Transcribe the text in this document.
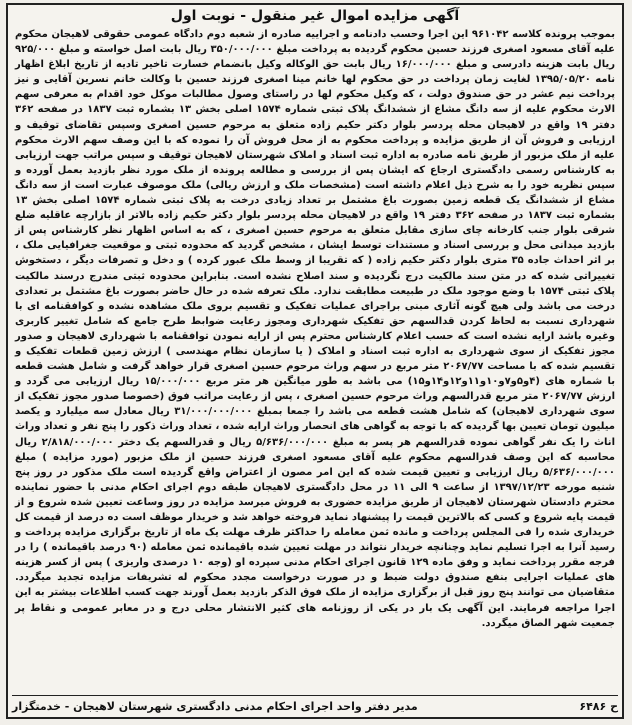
آگهی مزایده اموال غیر منقول - نوبت اول
بموجب پرونده کلاسه ۹۶۱۰۴۲ این اجرا وحسب دادنامه و اجراییه صادره از شعبه دوم دادگاه عمومی حقوقی لاهیجان محکوم علیه آقای مسعود اصغری فرزند حسین محکوم گردیده به پرداخت مبلغ ۳۵۰/۰۰۰/۰۰۰ ریال بابت اصل خواسته و مبلغ ۹۲۵/۰۰۰ ریال بابت هزینه دادرسی و مبلغ ۱۶/۰۰۰/۰۰۰ ریال بابت حق الوکاله وکیل بانضمام خسارت تاخیر تادیه از تاریخ ابلاغ اظهار نامه ۱۳۹۵/۰۵/۲۰ لغایت زمان پرداخت در حق محکوم لها خانم مینا اصغری فرزند حسین با وکالت خانم نسرین آقایی و نیز پرداخت نیم عشر در حق صندوق دولت ، که وکیل محکوم لها در راستای وصول مطالبات موکل خود اقدام به معرفی سهم الارث محکوم علیه از سه دانگ مشاع از ششدانگ پلاک ثبتی شماره ۱۵۷۴ اصلی بخش ۱۳ بشماره ثبت ۱۸۳۷ در صفحه ۳۶۲ دفتر ۱۹ واقع در لاهیجان محله پردسر بلوار دکتر حکیم زاده متعلق به مرحوم حسین اصغری وسپس تقاضای توقیف و ارزیابی و فروش آن از طریق مزایده و پرداخت محکوم به از محل فروش آن را نموده که با این وصف سهم الارث محکوم علیه از ملک مزبور از طریق نامه صادره به اداره ثبت اسناد و املاک شهرستان لاهیجان توقیف و سپس مراتب جهت ارزیابی به کارشناس رسمی دادگستری ارجاع که ایشان پس از بررسی و مطالعه پرونده از ملک مورد نظر بازدید بعمل آورده و سپس نظریه خود را به شرح ذیل اعلام داشته است (مشخصات ملک و ارزش ریالی) ملک موصوف عبارت است از سه دانگ مشاع از ششدانگ یک قطعه زمین بصورت باغ مشتمل بر تعداد زیادی درخت به پلاک ثبتی شماره ۱۵۷۴ اصلی بخش ۱۳ بشماره ثبت ۱۸۳۷ در صفحه ۳۶۲ دفتر ۱۹ واقع در لاهیجان محله پردسر بلوار دکتر حکیم زاده بالاتر از بازارچه عاقلیه ضلع شرقی بلوار جنب کارخانه چای سازی مقابل متعلق به مرحوم حسین اصغری ، که به اساس اظهار نظر کارشناس پس از بازدید میدانی محل و بررسی اسناد و مستندات توسط ایشان ، مشخص گردید که محدوده ثبتی و موقعیت جغرافیایی ملک ، بر اثر احداث جاده ۳۵ متری بلوار دکتر حکیم زاده ( که تقریبا از وسط ملک عبور کرده ) و دخل و تصرفات دیگر ، دستخوش تغییراتی شده که در متن سند مالکیت درج نگردیده و سند اصلاح نشده است. بنابراین محدوده ثبتی مندرج درسند مالکیت پلاک ثبتی ۱۵۷۴ با وضع موجود ملک در طبیعت مطابقت ندارد. ملک تعرفه شده در حال حاضر بصورت باغ مشتمل بر تعدادی درخت می باشد ولی هیچ گونه آثاری مبنی براجرای عملیات تفکیک و تقسیم بروی ملک مشاهده نشده و کوافقنامه ای با شهرداری نسبت به لحاظ کردن قدالسهم حق تفکیک شهرداری ومجوز رعایت ضوابط طرح جامع که شامل تغییر کاربری وغیره باشد ارایه نشده است که حسب اعلام کارشناس محترم پس از ارایه نمودن توافقنامه با شهرداری لاهیجان و صدور مجوز تفکیک از سوی شهرداری به اداره ثبت اسناد و املاک ( یا سازمان نظام مهندسی ) ارزش زمین قطعات تفکیک و تقسیم شده که با مساحت ۲۰۶۷/۷۷ متر مربع در سهم وراث مرحوم حسین اصغری قرار خواهد گرفت و شامل هشت قطعه با شماره های (۴و۵و۷و۱۰و۱۱و۱۲و۱۴و۱۵) می باشد به طور میانگین هر متر مربع ۱۵/۰۰۰/۰۰۰ ریال ارزیابی می گردد و ارزش ۲۰۶۷/۷۷ متر مربع قدرالسهم وراث مرحوم حسین اصغری ، پس از رعایت مراتب فوق (خصوصا صدور مجوز تفکیک از سوی شهرداری لاهیجان) که شامل هشت قطعه می باشد را جمعا بمبلغ ۳۱/۰۰۰/۰۰۰/۰۰۰ ریال معادل سه میلیارد و یکصد میلیون تومان تعیین بها گردیده که با توجه به گواهی های انحصار وراث ارایه شده ، تعداد وراث ذکور را پنج نفر و تعداد وراث اناث را یک نفر گواهی نموده قدرالسهم هر پسر به مبلغ ۵/۶۳۶/۰۰۰/۰۰۰ ریال و قدرالسهم یک دختر ۲/۸۱۸/۰۰۰/۰۰۰ ریال محاسبه که این وصف قدرالسهم محکوم علیه آقای مسعود اصغری فرزند حسین از ملک مزبور (مورد مزایده ) مبلغ ۵/۶۳۶/۰۰۰/۰۰۰ ریال ارزیابی و تعیین قیمت شده که این امر مصون از اعتراض واقع گردیده است ملک مذکور در روز پنج شنبه مورخه ۱۳۹۷/۱۲/۲۳ از ساعت ۹ الی ۱۱ در محل دادگستری لاهیجان طبقه دوم اجرای احکام مدنی با حضور نماینده محترم دادستان شهرستان لاهیجان از طریق مزایده حضوری به فروش میرسد مزایده در روز وساعت تعیین شده شروع و از قیمت پایه شروع و کسی که بالاترین قیمت را پیشنهاد نماید فروخته خواهد شد و خریدار موظف است ده درصد از قیمت کل خریداری شده را فی المجلس پرداخت و مانده ثمن معامله را حداکثر ظرف مهلت یک ماه از تاریخ برگزاری مزایده پرداخت و رسید آنرا به اجرا تسلیم نماید وچنانچه خریدار نتواند در مهلت تعیین شده باقیمانده ثمن معامله (۹۰ درصد باقیمانده ) را در فرجه مقرر پرداخت نماید و وفق ماده ۱۲۹ قانون اجرای احکام مدنی سپرده او (وجه ۱۰ درصدی واریزی ) پس از کسر هزینه های عملیات اجرایی بنفع صندوق دولت ضبط و در صورت درخواست مجدد محکوم له تشریفات مزایده تجدید میگردد. متقاضیان می توانند پنج روز قبل از برگزاری مزایده از ملک فوق الذکر بازدید بعمل آورند جهت کسب اطلاعات بیشتر به این اجرا مراجعه فرمایند. این آگهی یک بار در یکی از روزنامه های کثیر الانتشار محلی درج و در معابر عمومی و نقاط پر جمعیت شهر الصاق میگردد.
ح ۶۴۸۶
مدیر دفتر واحد اجرای احکام مدنی دادگستری شهرستان لاهیجان - خدمتگزار
